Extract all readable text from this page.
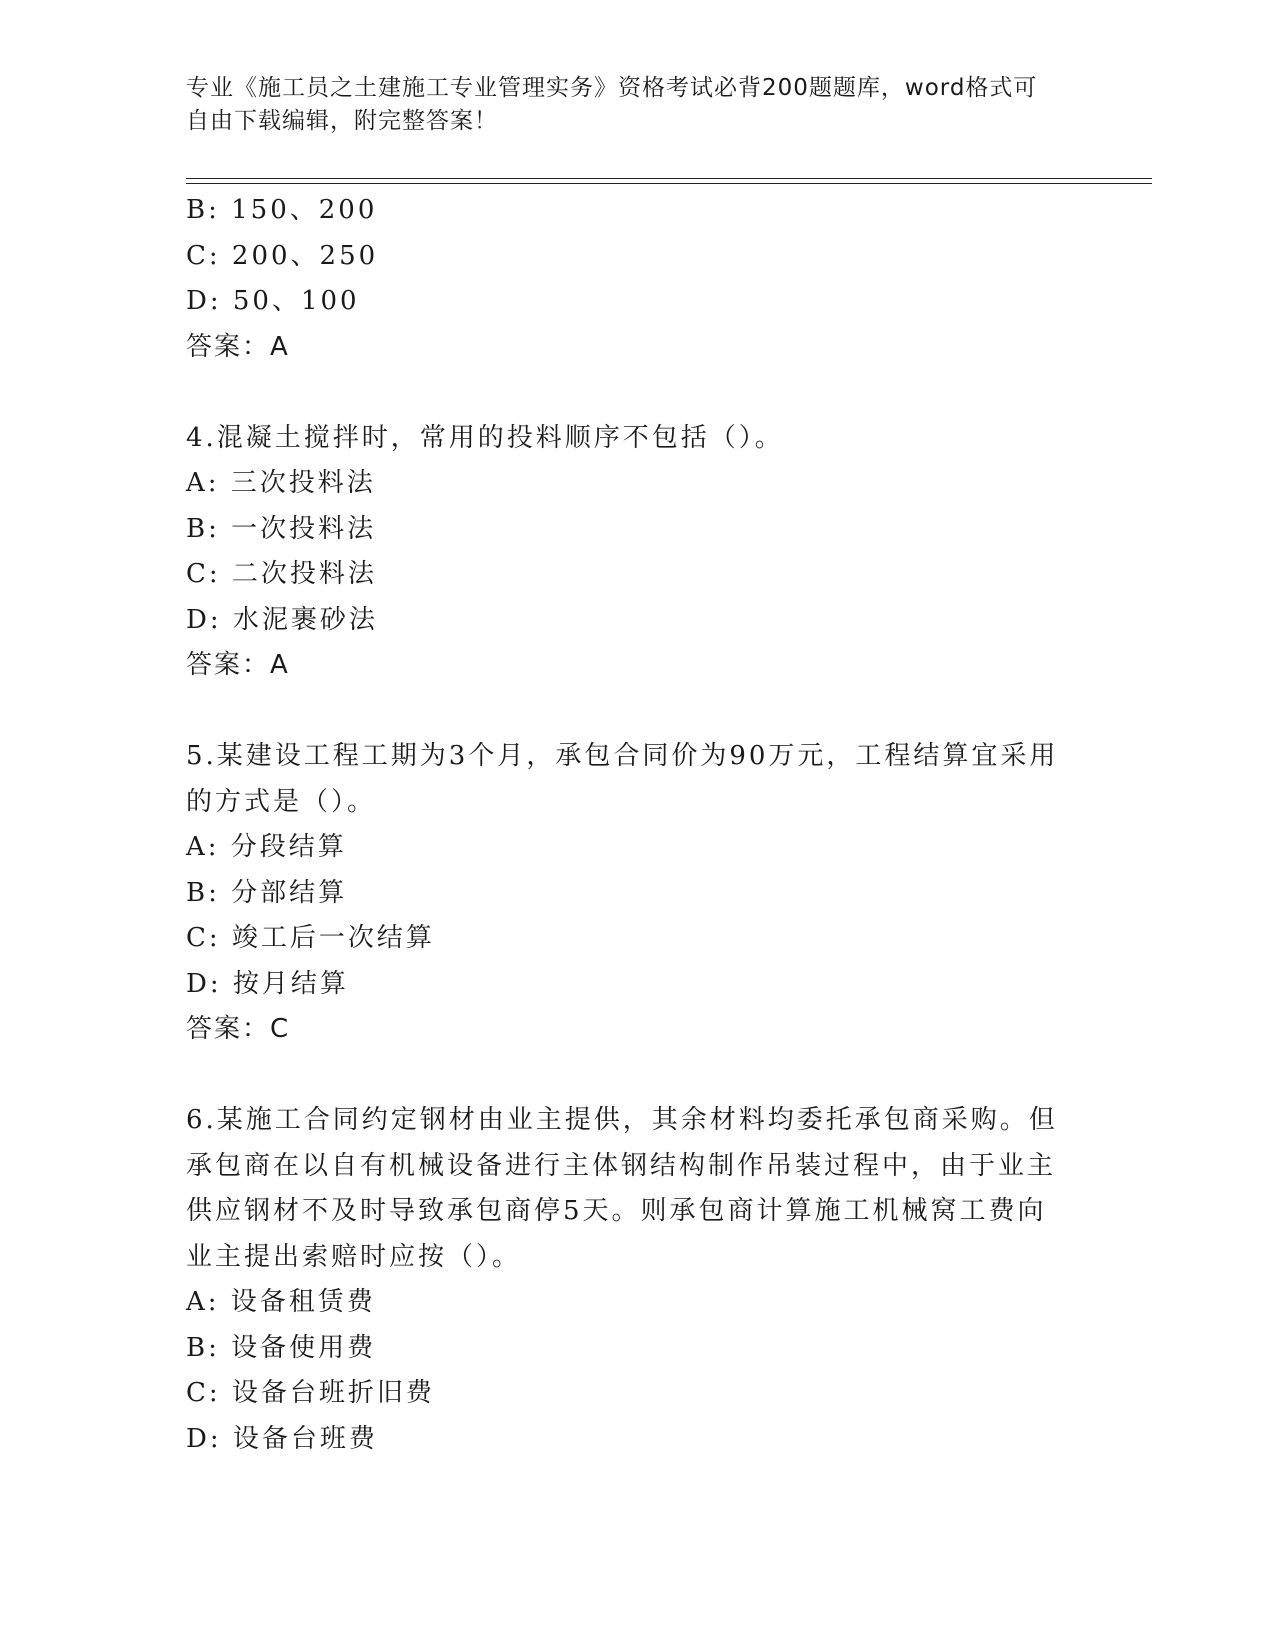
专业《施工员之土建施工专业管理实务》资格考试必背200题题库，word格式可
自由下载编辑，附完整答案！
B: 150、200
C: 200、250
D: 50、100
答案：A
4.混凝土搅拌时，常用的投料顺序不包括（）。
A: 三次投料法
B: 一次投料法
C: 二次投料法
D: 水泥裹砂法
答案：A
5.某建设工程工期为3个月，承包合同价为90万元，工程结算宜采用
的方式是（）。
A: 分段结算
B: 分部结算
C: 竣工后一次结算
D: 按月结算
答案：C
6.某施工合同约定钢材由业主提供，其余材料均委托承包商采购。但
承包商在以自有机械设备进行主体钢结构制作吊装过程中，由于业主
供应钢材不及时导致承包商停5天。则承包商计算施工机械窝工费向
业主提出索赔时应按（）。
A: 设备租赁费
B: 设备使用费
C: 设备台班折旧费
D: 设备台班费
